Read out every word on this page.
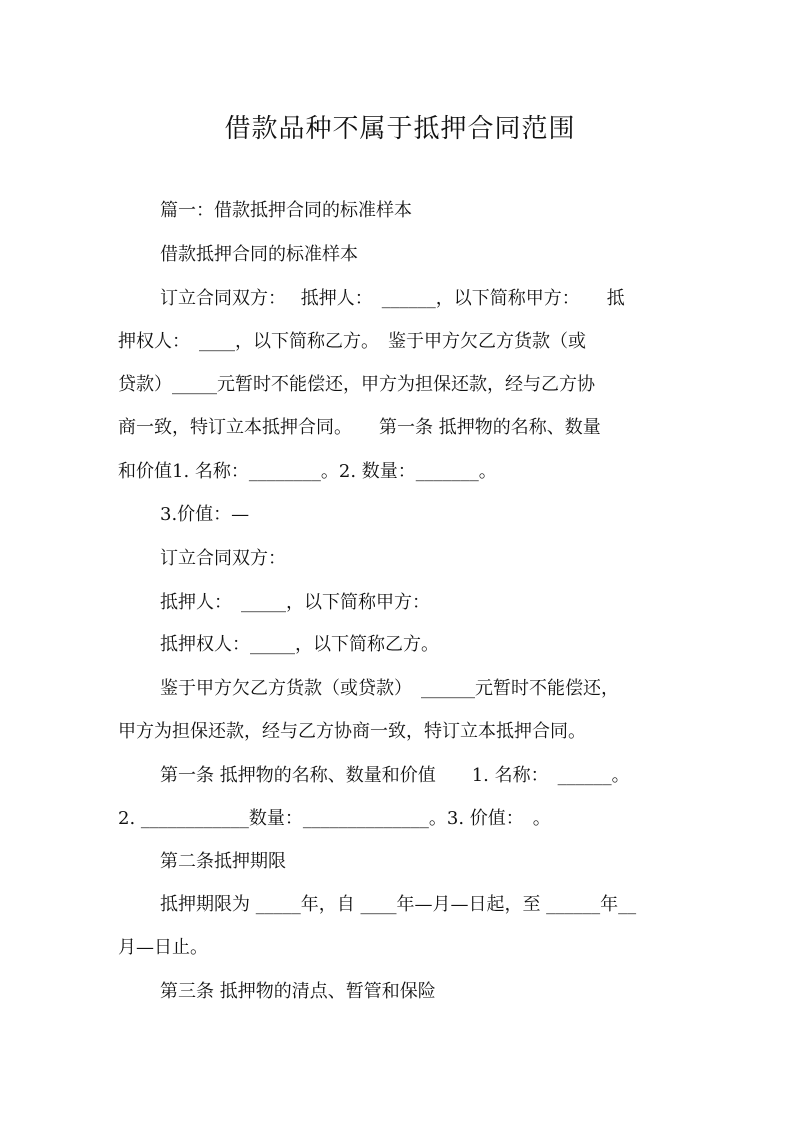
借款品种不属于抵押合同范围
篇一：借款抵押合同的标准样本
借款抵押合同的标准样本
订立合同双方：　 抵押人：　______，以下简称甲方：　　抵
押权人：　____，以下简称乙方。　鉴于甲方欠乙方货款（或
贷款）_____元暂时不能偿还，甲方为担保还款，经与乙方协
商一致，特订立本抵押合同。　　第一条 抵押物的名称、数量
和价值1. 名称：________。2. 数量：_______。
3.价值：—
订立合同双方：
抵押人：　_____，以下简称甲方：
抵押权人：_____，以下简称乙方。
鉴于甲方欠乙方货款（或贷款）　______元暂时不能偿还，
甲方为担保还款，经与乙方协商一致，特订立本抵押合同。
第一条 抵押物的名称、数量和价值　　1. 名称：　______。
2. ____________数量：______________。3. 价值：　。
第二条抵押期限
抵押期限为 _____年，自 ____年—月—日起，至 ______年__
月—日止。
第三条 抵押物的清点、暂管和保险
